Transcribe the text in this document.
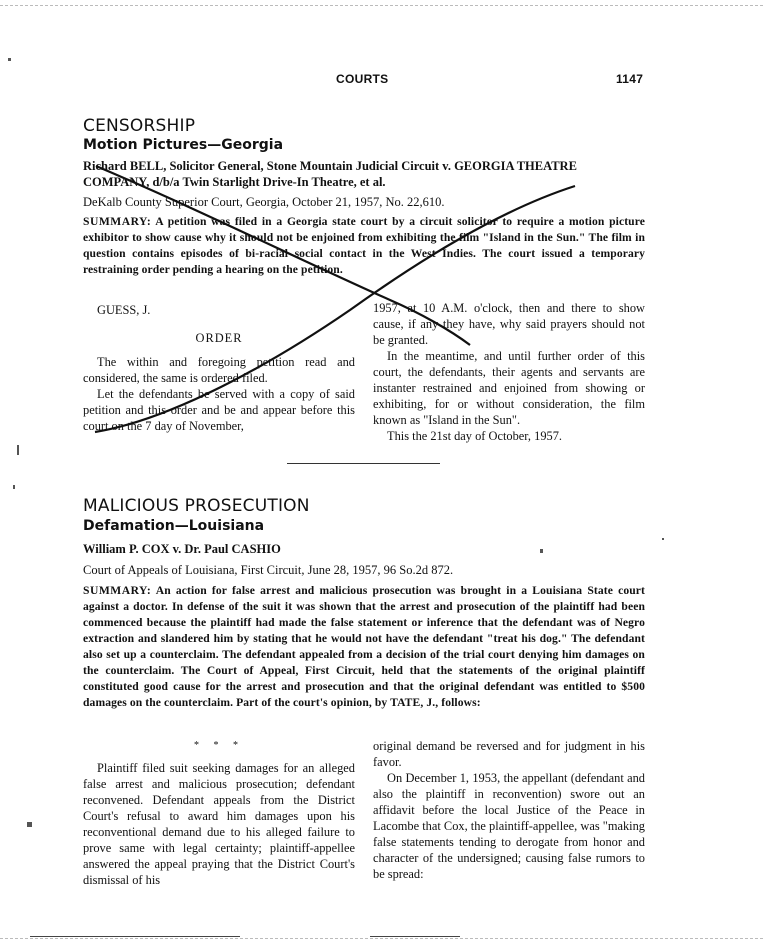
COURTS	1147
CENSORSHIP
Motion Pictures—Georgia
Richard BELL, Solicitor General, Stone Mountain Judicial Circuit v. GEORGIA THEATRE COMPANY, d/b/a Twin Starlight Drive-In Theatre, et al.
DeKalb County Superior Court, Georgia, October 21, 1957, No. 22,610.
SUMMARY: A petition was filed in a Georgia state court by a circuit solicitor to require a motion picture exhibitor to show cause why it should not be enjoined from exhibiting the film "Island in the Sun." The film in question contains episodes of bi-racial social contact in the West Indies. The court issued a temporary restraining order pending a hearing on the petition.

GUESS, J.

ORDER

The within and foregoing petition read and considered, the same is ordered filed.

Let the defendants be served with a copy of said petition and this order and be and appear before this court on the 7 day of November,

1957, at 10 A.M. o'clock, then and there to show cause, if any they have, why said prayers should not be granted.

In the meantime, and until further order of this court, the defendants, their agents and servants are instanter restrained and enjoined from showing or exhibiting, for or without consideration, the film known as "Island in the Sun".

This the 21st day of October, 1957.

MALICIOUS PROSECUTION
Defamation—Louisiana
William P. COX v. Dr. Paul CASHIO
Court of Appeals of Louisiana, First Circuit, June 28, 1957, 96 So.2d 872.
SUMMARY: An action for false arrest and malicious prosecution was brought in a Louisiana State court against a doctor. In defense of the suit it was shown that the arrest and prosecution of the plaintiff had been commenced because the plaintiff had made the false statement or inference that the defendant was of Negro extraction and slandered him by stating that he would not have the defendant "treat his dog." The defendant also set up a counterclaim. The defendant appealed from a decision of the trial court denying him damages on the counterclaim. The Court of Appeal, First Circuit, held that the statements of the original plaintiff constituted good cause for the arrest and prosecution and that the original defendant was entitled to $500 damages on the counterclaim. Part of the court's opinion, by TATE, J., follows:

* * *

Plaintiff filed suit seeking damages for an alleged false arrest and malicious prosecution; defendant reconvened. Defendant appeals from the District Court's refusal to award him damages upon his reconventional demand due to his alleged failure to prove same with legal certainty; plaintiff-appellee answered the appeal praying that the District Court's dismissal of his

original demand be reversed and for judgment in his favor.

On December 1, 1953, the appellant (defendant and also the plaintiff in reconvention) swore out an affidavit before the local Justice of the Peace in Lacombe that Cox, the plaintiff-appellee, was "making false statements tending to derogate from honor and character of the undersigned; causing false rumors to be spread:
